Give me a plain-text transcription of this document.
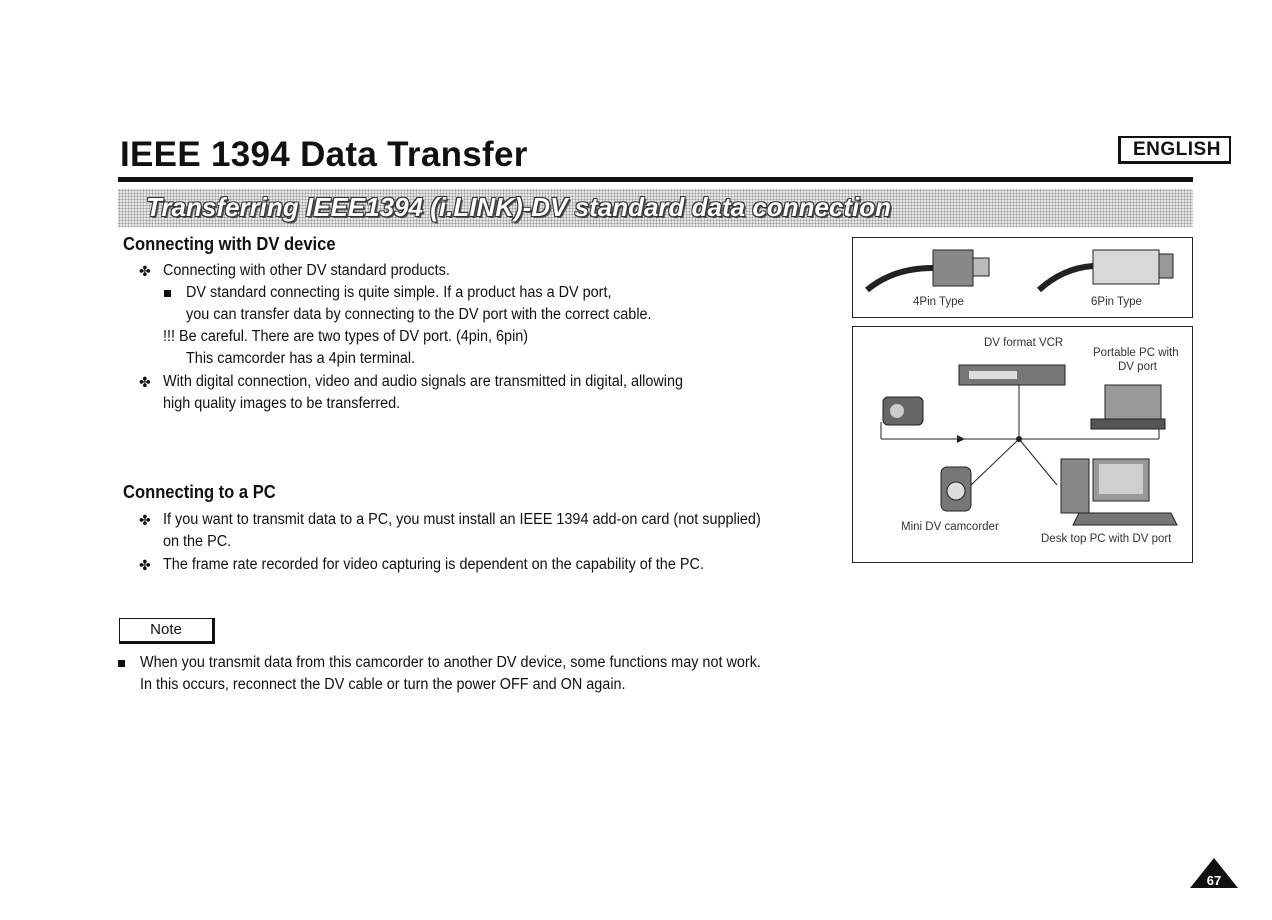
ENGLISH
IEEE 1394 Data Transfer
Transferring IEEE1394 (i.LINK)-DV standard data connection
Connecting with DV device
✤ Connecting with other DV standard products.
DV standard connecting is quite simple. If a product has a DV port,
you can transfer data by connecting to the DV port with the correct cable.
!!! Be careful. There are two types of DV port. (4pin, 6pin)
This camcorder has a 4pin terminal.
✤ With digital connection, video and audio signals are transmitted in digital, allowing
high quality images to be transferred.
Connecting to a PC
✤ If you want to transmit data to a PC, you must install an IEEE 1394 add-on card (not supplied)
on the PC.
✤ The frame rate recorded for video capturing is dependent on the capability of the PC.
4Pin Type	6Pin Type
DV format VCR
Portable PC with
DV port
Mini DV camcorder
Desk top PC with DV port
Note
When you transmit data from this camcorder to another DV device, some functions may not work.
In this occurs, reconnect the DV cable or turn the power OFF and ON again.
67
